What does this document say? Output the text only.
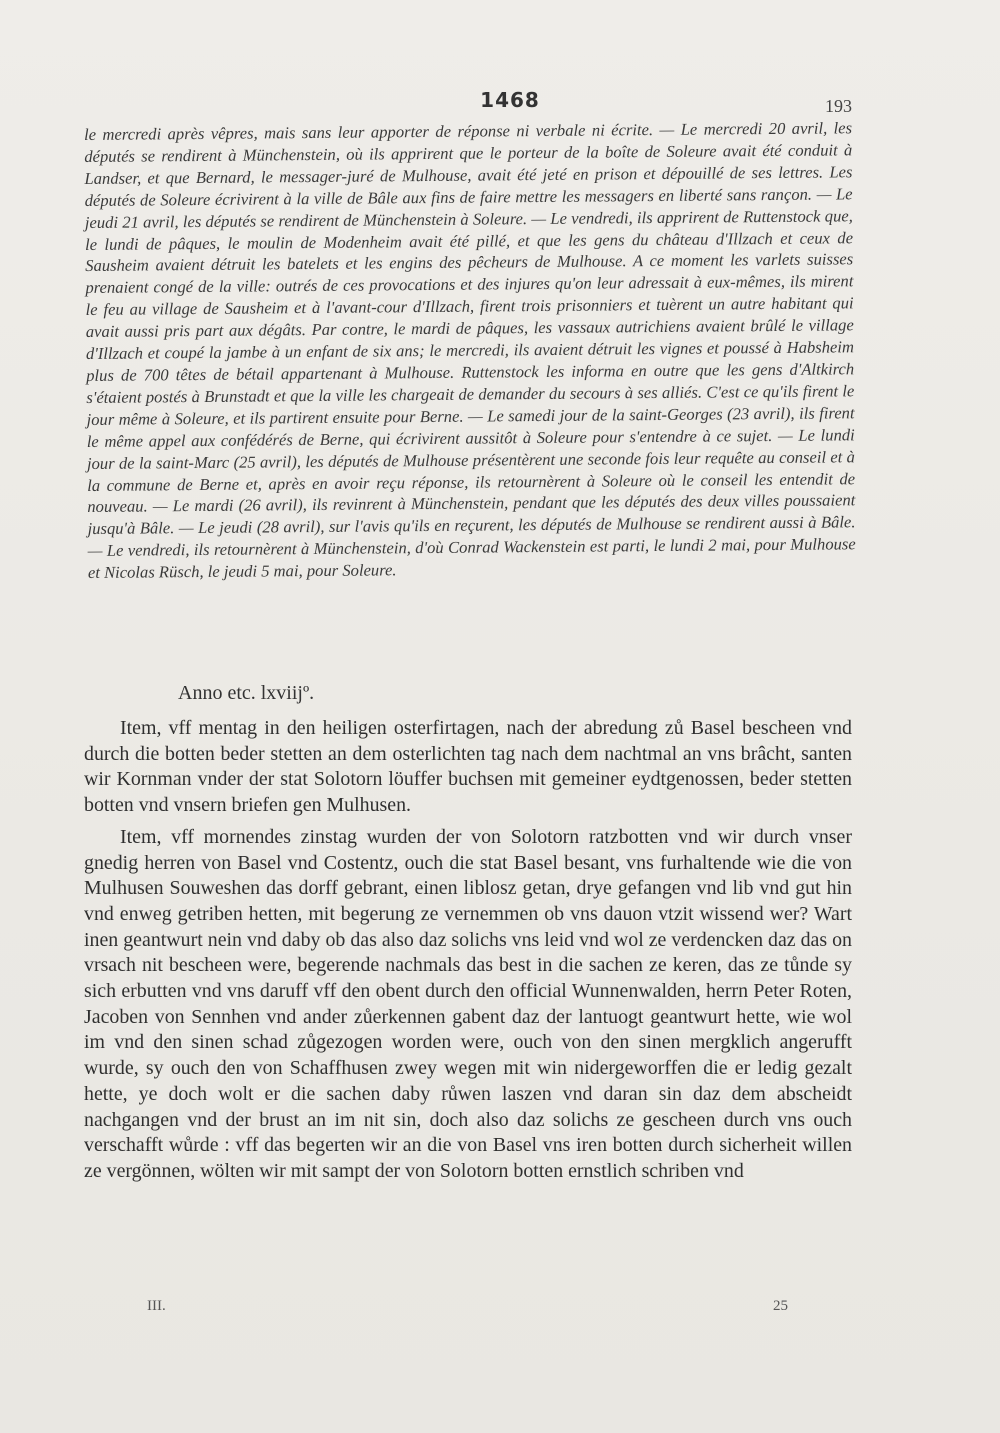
1468	193
le mercredi après vêpres, mais sans leur apporter de réponse ni verbale ni écrite. — Le mercredi 20 avril, les députés se rendirent à Münchenstein, où ils apprirent que le porteur de la boîte de Soleure avait été conduit à Landser, et que Bernard, le messager-juré de Mulhouse, avait été jeté en prison et dépouillé de ses lettres. Les députés de Soleure écrivirent à la ville de Bâle aux fins de faire mettre les messagers en liberté sans rançon. — Le jeudi 21 avril, les députés se rendirent de Münchenstein à Soleure. — Le vendredi, ils apprirent de Ruttenstock que, le lundi de pâques, le moulin de Modenheim avait été pillé, et que les gens du château d'Illzach et ceux de Sausheim avaient détruit les batelets et les engins des pêcheurs de Mulhouse. A ce moment les varlets suisses prenaient congé de la ville: outrés de ces provocations et des injures qu'on leur adressait à eux-mêmes, ils mirent le feu au village de Sausheim et à l'avant-cour d'Illzach, firent trois prisonniers et tuèrent un autre habitant qui avait aussi pris part aux dégâts. Par contre, le mardi de pâques, les vassaux autrichiens avaient brûlé le village d'Illzach et coupé la jambe à un enfant de six ans; le mercredi, ils avaient détruit les vignes et poussé à Habsheim plus de 700 têtes de bétail appartenant à Mulhouse. Ruttenstock les informa en outre que les gens d'Altkirch s'étaient postés à Brunstadt et que la ville les chargeait de demander du secours à ses alliés. C'est ce qu'ils firent le jour même à Soleure, et ils partirent ensuite pour Berne. — Le samedi jour de la saint-Georges (23 avril), ils firent le même appel aux confédérés de Berne, qui écrivirent aussitôt à Soleure pour s'entendre à ce sujet. — Le lundi jour de la saint-Marc (25 avril), les députés de Mulhouse présentèrent une seconde fois leur requête au conseil et à la commune de Berne et, après en avoir reçu réponse, ils retournèrent à Soleure où le conseil les entendit de nouveau. — Le mardi (26 avril), ils revinrent à Münchenstein, pendant que les députés des deux villes poussaient jusqu'à Bâle. — Le jeudi (28 avril), sur l'avis qu'ils en reçurent, les députés de Mulhouse se rendirent aussi à Bâle. — Le vendredi, ils retournèrent à Münchenstein, d'où Conrad Wackenstein est parti, le lundi 2 mai, pour Mulhouse et Nicolas Rüsch, le jeudi 5 mai, pour Soleure.
Anno etc. lxviijº.

Item, vff mentag in den heiligen osterfirtagen, nach der abredung zů Basel bescheen vnd durch die botten beder stetten an dem osterlichten tag nach dem nachtmal an vns brâcht, santen wir Kornman vnder der stat Solotorn löuffer buchsen mit gemeiner eydtgenossen, beder stetten botten vnd vnsern briefen gen Mulhusen.

Item, vff mornendes zinstag wurden der von Solotorn ratzbotten vnd wir durch vnser gnedig herren von Basel vnd Costentz, ouch die stat Basel besant, vns furhaltende wie die von Mulhusen Souweshen das dorff gebrant, einen liblosz getan, drye gefangen vnd lib vnd gut hin vnd enweg getriben hetten, mit begerung ze vernemmen ob vns dauon vtzit wissend wer? Wart inen geantwurt nein vnd daby ob das also daz solichs vns leid vnd wol ze verdencken daz das on vrsach nit bescheen were, begerende nachmals das best in die sachen ze keren, das ze tůnde sy sich erbutten vnd vns daruff vff den obent durch den official Wunnenwalden, herrn Peter Roten, Jacoben von Sennhen vnd ander zůerkennen gabent daz der lantuogt geantwurt hette, wie wol im vnd den sinen schad zůgezogen worden were, ouch von den sinen mergklich angerufft wurde, sy ouch den von Schaffhusen zwey wegen mit win nidergeworffen die er ledig gezalt hette, ye doch wolt er die sachen daby růwen laszen vnd daran sin daz dem abscheidt nachgangen vnd der brust an im nit sin, doch also daz solichs ze gescheen durch vns ouch verschafft wůrde : vff das begerten wir an die von Basel vns iren botten durch sicherheit willen ze vergönnen, wölten wir mit sampt der von Solotorn botten ernstlich schriben vnd

III.	25
